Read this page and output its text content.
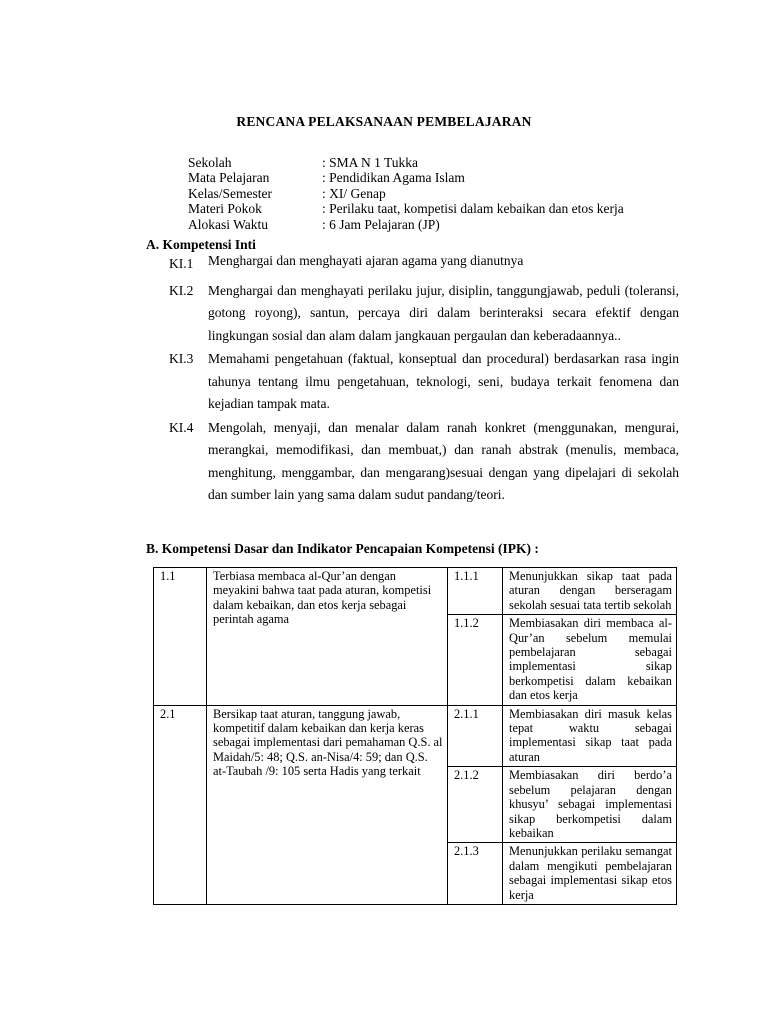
RENCANA PELAKSANAAN PEMBELAJARAN
Sekolah	: SMA N 1 Tukka
Mata Pelajaran	: Pendidikan Agama Islam
Kelas/Semester	: XI/ Genap
Materi Pokok	: Perilaku taat, kompetisi dalam kebaikan dan etos kerja
Alokasi Waktu	: 6 Jam Pelajaran (JP)
A. Kompetensi Inti
KI.1	Menghargai dan menghayati ajaran agama yang dianutnya
KI.2	Menghargai dan menghayati perilaku jujur, disiplin, tanggungjawab, peduli (toleransi, gotong royong), santun, percaya diri dalam berinteraksi secara efektif dengan lingkungan sosial dan alam dalam jangkauan pergaulan dan keberadaannya..
KI.3	Memahami pengetahuan (faktual, konseptual dan procedural) berdasarkan rasa ingin tahunya tentang ilmu pengetahuan, teknologi, seni, budaya terkait fenomena dan kejadian tampak mata.
KI.4	Mengolah, menyaji, dan menalar dalam ranah konkret (menggunakan, mengurai, merangkai, memodifikasi, dan membuat,) dan ranah abstrak (menulis, membaca, menghitung, menggambar, dan mengarang)sesuai dengan yang dipelajari di sekolah dan sumber lain yang sama dalam sudut pandang/teori.
B. Kompetensi Dasar dan Indikator Pencapaian Kompetensi (IPK) :
1.1	Terbiasa membaca al-Qur’an dengan meyakini bahwa taat pada aturan, kompetisi dalam kebaikan, dan etos kerja sebagai perintah agama	1.1.1	Menunjukkan sikap taat pada aturan dengan berseragam sekolah sesuai tata tertib sekolah
		1.1.2	Membiasakan diri membaca al-Qur’an sebelum memulai pembelajaran sebagai implementasi sikap berkompetisi dalam kebaikan dan etos kerja
2.1	Bersikap taat aturan, tanggung jawab, kompetitif dalam kebaikan dan kerja keras sebagai implementasi dari pemahaman Q.S. al Maidah/5: 48; Q.S. an-Nisa/4: 59; dan Q.S. at-Taubah /9: 105 serta Hadis yang terkait	2.1.1	Membiasakan diri masuk kelas tepat waktu sebagai implementasi sikap taat pada aturan
		2.1.2	Membiasakan diri berdo’a sebelum pelajaran dengan khusyu’ sebagai implementasi sikap berkompetisi dalam kebaikan
		2.1.3	Menunjukkan perilaku semangat dalam mengikuti pembelajaran sebagai implementasi sikap etos kerja
